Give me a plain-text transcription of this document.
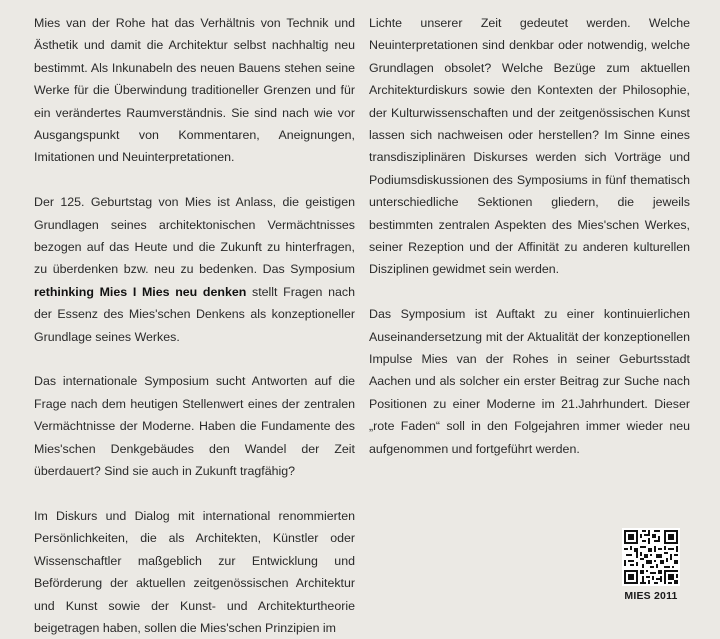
Mies van der Rohe hat das Verhältnis von Technik und Ästhetik und damit die Architektur selbst nachhaltig neu bestimmt. Als Inkunabeln des neuen Bauens stehen seine Werke für die Überwindung traditioneller Grenzen und für ein verändertes Raumverständnis. Sie sind nach wie vor Ausgangspunkt von Kommentaren, Aneignungen, Imitationen und Neuinterpretationen.

Der 125. Geburtstag von Mies ist Anlass, die geistigen Grundlagen seines architektonischen Vermächtnisses bezogen auf das Heute und die Zukunft zu hinterfragen, zu überdenken bzw. neu zu bedenken. Das Symposium rethinking Mies I Mies neu denken stellt Fragen nach der Essenz des Mies'schen Denkens als konzeptioneller Grundlage seines Werkes.

Das internationale Symposium sucht Antworten auf die Frage nach dem heutigen Stellenwert eines der zentralen Vermächtnisse der Moderne. Haben die Fundamente des Mies'schen Denkgebäudes den Wandel der Zeit überdauert? Sind sie auch in Zukunft tragfähig?

Im Diskurs und Dialog mit international renommierten Persönlichkeiten, die als Architekten, Künstler oder Wissenschaftler maßgeblich zur Entwicklung und Beförderung der aktuellen zeitgenössischen Architektur und Kunst sowie der Kunst- und Architekturtheorie beigetragen haben, sollen die Mies'schen Prinzipien im

Lichte unserer Zeit gedeutet werden. Welche Neuinterpretationen sind denkbar oder notwendig, welche Grundlagen obsolet? Welche Bezüge zum aktuellen Architekturdiskurs sowie den Kontexten der Philosophie, der Kulturwissenschaften und der zeitgenössischen Kunst lassen sich nachweisen oder herstellen? Im Sinne eines transdisziplinären Diskurses werden sich Vorträge und Podiumsdiskussionen des Symposiums in fünf thematisch unterschiedliche Sektionen gliedern, die jeweils bestimmten zentralen Aspekten des Mies'schen Werkes, seiner Rezeption und der Affinität zu anderen kulturellen Disziplinen gewidmet sein werden.

Das Symposium ist Auftakt zu einer kontinuierlichen Auseinandersetzung mit der Aktualität der konzeptionellen Impulse Mies van der Rohes in seiner Geburtsstadt Aachen und als solcher ein erster Beitrag zur Suche nach Positionen zu einer Moderne im 21.Jahrhundert. Dieser „rote Faden“ soll in den Folgejahren immer wieder neu aufgenommen und fortgeführt werden.

MIES 2011
